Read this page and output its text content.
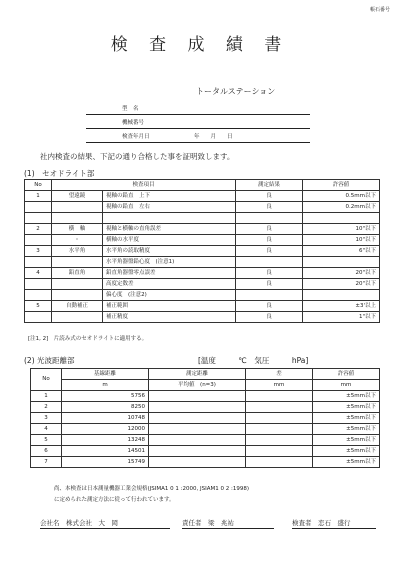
帳石番号
検 査 成 績 書
トータルステーション
型　名
機械番号
検査年月日	年　　月　　日
社内検査の結果、下記の通り合格した事を証明致します。
(1)　セオドライト部
No	検査項目		測定結果	許容値
1	望遠鏡	視軸の鉛直　上下	良	0.5mm以下
		視軸の鉛直　左右	良	0.2mm以下

2	横　軸	視軸と横軸の直角誤差	良	10"以下
	・	横軸の水平度	良	10"以下
3	水平角	水平角の読取精度	良	6"以下
		水平角器盤鉛心度　(注意1)		
4	鉛直角	鉛直角器盤零点誤差	良	20"以下
		高度定数差	良	20"以下
		偏心度　(注意2)		
5	自動補正	補正範囲	良	±3'以上
		補正精度	良	1"以下
[注1, 2]　片読み式のセオドライトに適用する。
(2) 光波距離部	[温度　　　℃　気圧　　　hPa]
No	基線距離	測定距離	差	許容値
	m	平均値　(n=3)	mm	mm
1	5756			±5mm以下
2	8250			±5mm以下
3	10748			±5mm以下
4	12000			±5mm以下
5	13248			±5mm以下
6	14501			±5mm以下
7	15749			±5mm以下
尚、本検査は日本測量機器工業会規格(JSIMA1 0 1 :2000, JSIAM1 0 2 :1998)
に定められた測定方法に従って行われています。
会社名　株式会社　大　岡	責任者　梁　兆祐	検査者　恋石　盛行
